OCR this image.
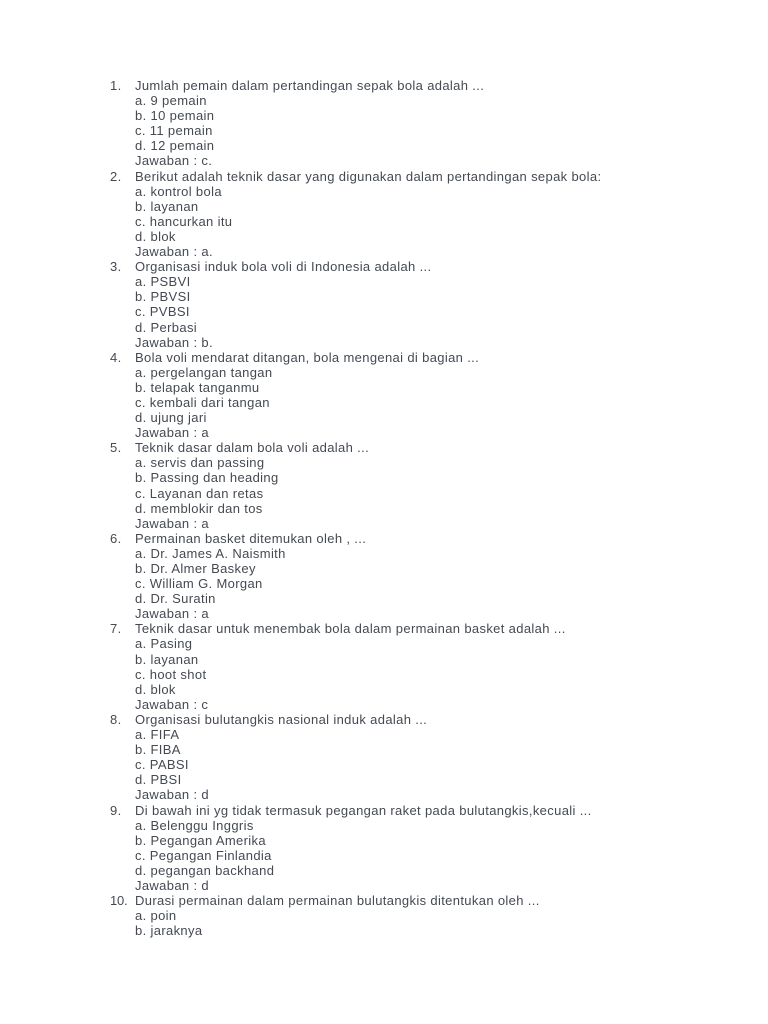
1.	Jumlah pemain dalam pertandingan sepak bola adalah ...
a. 9 pemain
b. 10 pemain
c. 11 pemain
d. 12 pemain
Jawaban : c.
2.	Berikut adalah teknik dasar yang digunakan dalam pertandingan sepak bola:
a. kontrol bola
b. layanan
c. hancurkan itu
d. blok
Jawaban : a.
3.	Organisasi induk bola voli di Indonesia adalah ...
a. PSBVI
b. PBVSI
c. PVBSI
d. Perbasi
Jawaban : b.
4.	Bola voli mendarat ditangan, bola mengenai di bagian ...
a. pergelangan tangan
b. telapak tanganmu
c. kembali dari tangan
d. ujung jari
Jawaban : a
5.	Teknik dasar dalam bola voli adalah ...
a. servis dan passing
b. Passing dan heading
c. Layanan dan retas
d. memblokir dan tos
Jawaban : a
6.	Permainan basket ditemukan oleh , ...
a. Dr. James A. Naismith
b. Dr. Almer Baskey
c. William G. Morgan
d. Dr. Suratin
Jawaban : a
7.	Teknik dasar untuk menembak bola dalam permainan basket adalah ...
a. Pasing
b. layanan
c. hoot shot
d. blok
Jawaban : c
8.	Organisasi bulutangkis nasional induk adalah ...
a. FIFA
b. FIBA
c. PABSI
d. PBSI
Jawaban : d
9.	Di bawah ini yg tidak termasuk pegangan raket pada bulutangkis,kecuali ...
a. Belenggu Inggris
b. Pegangan Amerika
c. Pegangan Finlandia
d. pegangan backhand
Jawaban : d
10. Durasi permainan dalam permainan bulutangkis ditentukan oleh ...
a. poin
b. jaraknya
